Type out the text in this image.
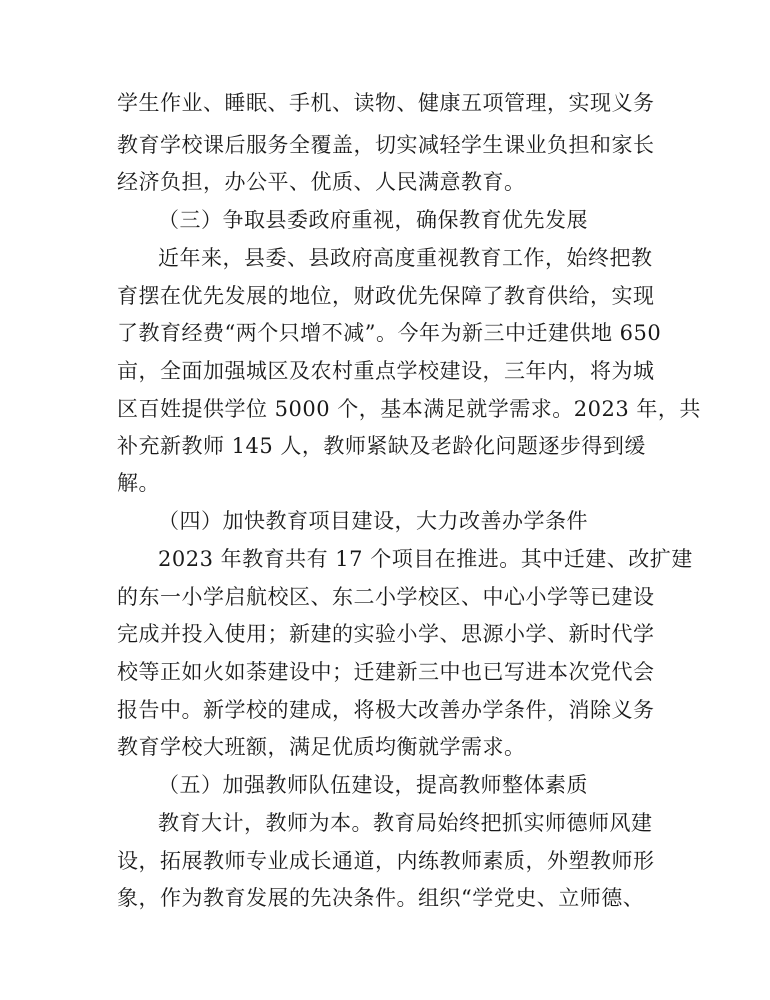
学生作业、睡眠、手机、读物、健康五项管理，实现义务
教育学校课后服务全覆盖，切实减轻学生课业负担和家长
经济负担，办公平、优质、人民满意教育。
（三）争取县委政府重视，确保教育优先发展
近年来，县委、县政府高度重视教育工作，始终把教
育摆在优先发展的地位，财政优先保障了教育供给，实现
了教育经费“两个只增不减”。今年为新三中迁建供地 650
亩，全面加强城区及农村重点学校建设，三年内，将为城
区百姓提供学位 5000 个，基本满足就学需求。2023 年，共
补充新教师 145 人，教师紧缺及老龄化问题逐步得到缓
解。
（四）加快教育项目建设，大力改善办学条件
2023 年教育共有 17 个项目在推进。其中迁建、改扩建
的东一小学启航校区、东二小学校区、中心小学等已建设
完成并投入使用；新建的实验小学、思源小学、新时代学
校等正如火如荼建设中；迁建新三中也已写进本次党代会
报告中。新学校的建成，将极大改善办学条件，消除义务
教育学校大班额，满足优质均衡就学需求。
（五）加强教师队伍建设，提高教师整体素质
教育大计，教师为本。教育局始终把抓实师德师风建
设，拓展教师专业成长通道，内练教师素质，外塑教师形
象，作为教育发展的先决条件。组织“学党史、立师德、
